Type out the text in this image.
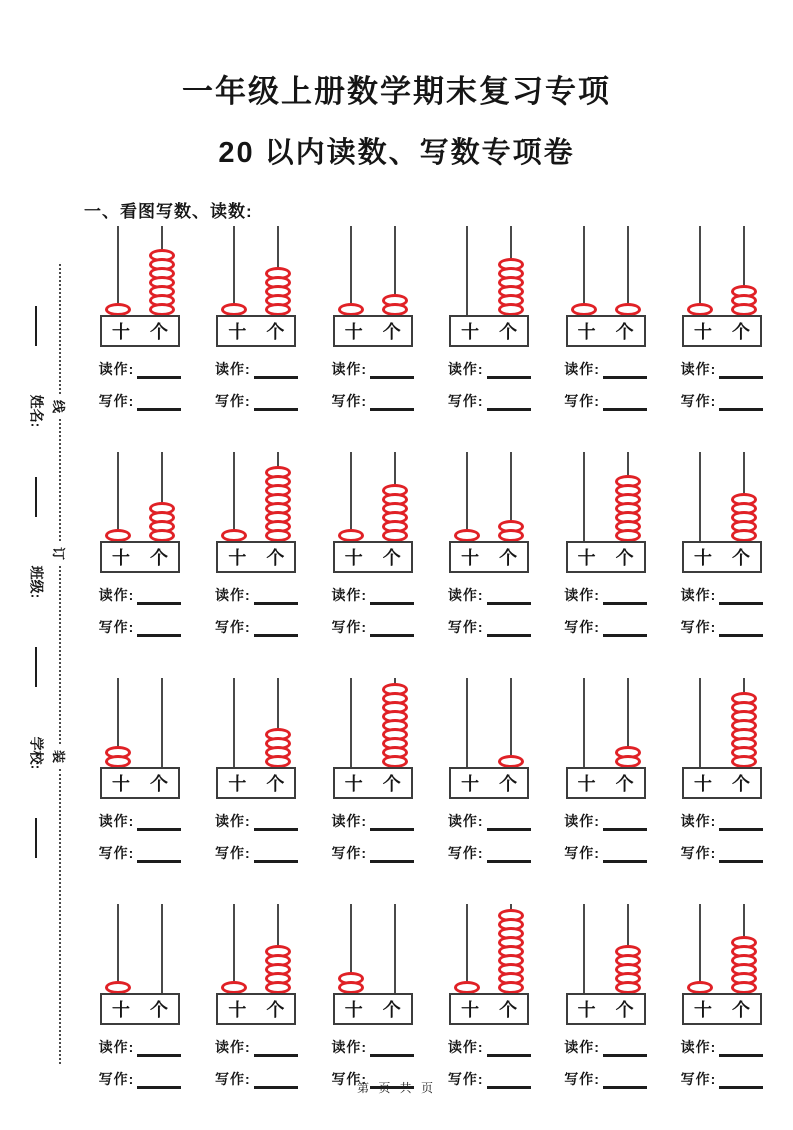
一年级上册数学期末复习专项
20 以内读数、写数专项卷
一、看图写数、读数:
姓名:
班级:
学校:
线
订
装
十 个
读作:
写作:
十 个
读作:
写作:
十 个
读作:
写作:
十 个
读作:
写作:
十 个
读作:
写作:
十 个
读作:
写作:
十 个
读作:
写作:
十 个
读作:
写作:
十 个
读作:
写作:
十 个
读作:
写作:
十 个
读作:
写作:
十 个
读作:
写作:
十 个
读作:
写作:
十 个
读作:
写作:
十 个
读作:
写作:
十 个
读作:
写作:
十 个
读作:
写作:
十 个
读作:
写作:
十 个
读作:
写作:
十 个
读作:
写作:
十 个
读作:
写作:
十 个
读作:
写作:
十 个
读作:
写作:
十 个
读作:
写作:
第 页 共 页
